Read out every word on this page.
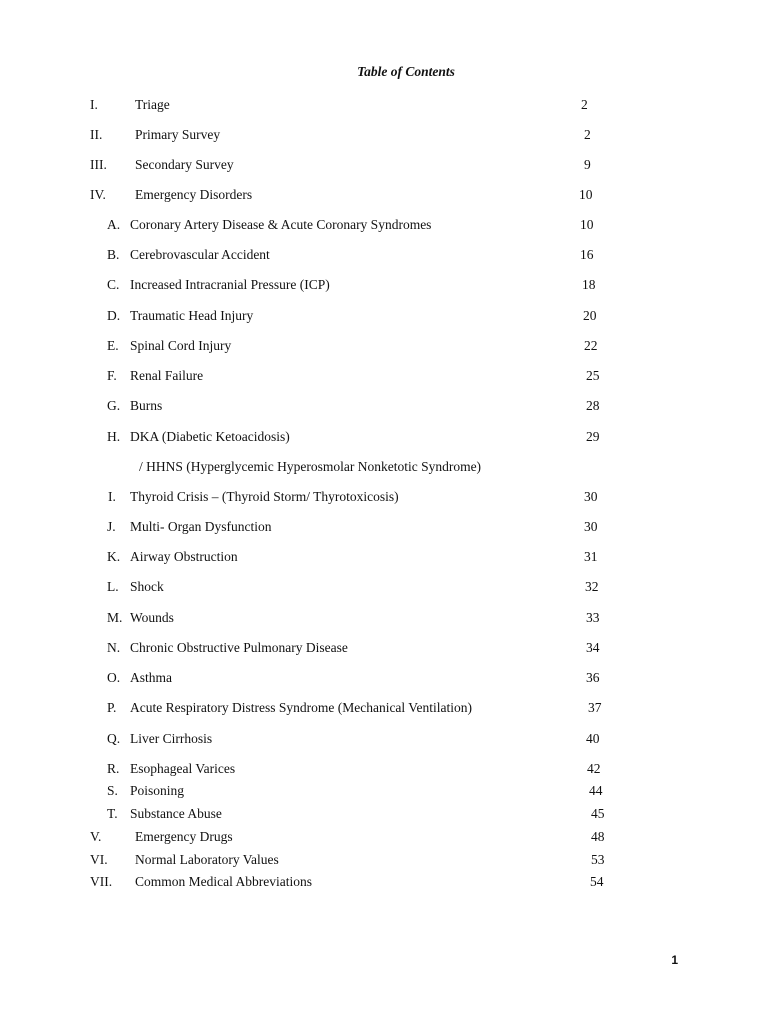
Table of Contents
I.	Triage	2
II. Primary Survey	2
III. Secondary Survey	9
IV. Emergency Disorders	10
A. Coronary Artery Disease & Acute Coronary Syndromes	10
B. Cerebrovascular Accident	16
C. Increased Intracranial Pressure (ICP)	18
D. Traumatic Head Injury	20
E. Spinal Cord Injury	22
F. Renal Failure	25
G. Burns	28
H. DKA (Diabetic Ketoacidosis)	29
/ HHNS (Hyperglycemic Hyperosmolar Nonketotic Syndrome)
I. Thyroid Crisis – (Thyroid Storm/ Thyrotoxicosis)	30
J. Multi- Organ Dysfunction	30
K. Airway Obstruction	31
L. Shock	32
M. Wounds	33
N. Chronic Obstructive Pulmonary Disease	34
O. Asthma	36
P. Acute Respiratory Distress Syndrome (Mechanical Ventilation)	37
Q. Liver Cirrhosis	40
R. Esophageal Varices	42
S. Poisoning	44
T. Substance Abuse	45
V. Emergency Drugs	48
VI. Normal Laboratory Values	53
VII. Common Medical Abbreviations	54
1
